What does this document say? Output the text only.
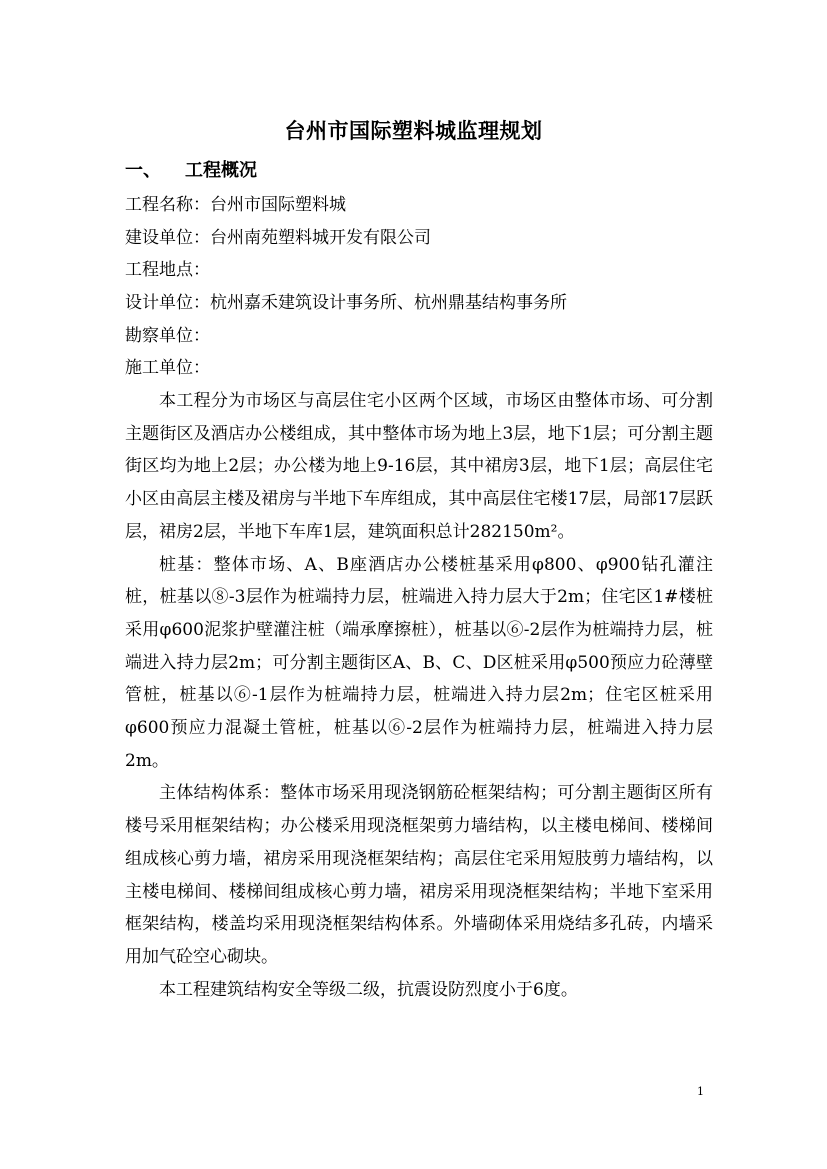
台州市国际塑料城监理规划
一、 工程概况
工程名称：台州市国际塑料城
建设单位：台州南苑塑料城开发有限公司
工程地点：
设计单位：杭州嘉禾建筑设计事务所、杭州鼎基结构事务所
勘察单位：
施工单位：

本工程分为市场区与高层住宅小区两个区域，市场区由整体市场、可分割主题街区及酒店办公楼组成，其中整体市场为地上3层，地下1层；可分割主题街区均为地上2层；办公楼为地上9-16层，其中裙房3层，地下1层；高层住宅小区由高层主楼及裙房与半地下车库组成，其中高层住宅楼17层，局部17层跃层，裙房2层，半地下车库1层，建筑面积总计282150m²。

桩基：整体市场、A、B座酒店办公楼桩基采用φ800、φ900钻孔灌注桩，桩基以⑧-3层作为桩端持力层，桩端进入持力层大于2m；住宅区1#楼桩采用φ600泥浆护壁灌注桩（端承摩擦桩），桩基以⑥-2层作为桩端持力层，桩端进入持力层2m；可分割主题街区A、B、C、D区桩采用φ500预应力砼薄壁管桩，桩基以⑥-1层作为桩端持力层，桩端进入持力层2m；住宅区桩采用φ600预应力混凝土管桩，桩基以⑥-2层作为桩端持力层，桩端进入持力层2m。

主体结构体系：整体市场采用现浇钢筋砼框架结构；可分割主题街区所有楼号采用框架结构；办公楼采用现浇框架剪力墙结构，以主楼电梯间、楼梯间组成核心剪力墙，裙房采用现浇框架结构；高层住宅采用短肢剪力墙结构，以主楼电梯间、楼梯间组成核心剪力墙，裙房采用现浇框架结构；半地下室采用框架结构，楼盖均采用现浇框架结构体系。外墙砌体采用烧结多孔砖，内墙采用加气砼空心砌块。

本工程建筑结构安全等级二级，抗震设防烈度小于6度。

1
